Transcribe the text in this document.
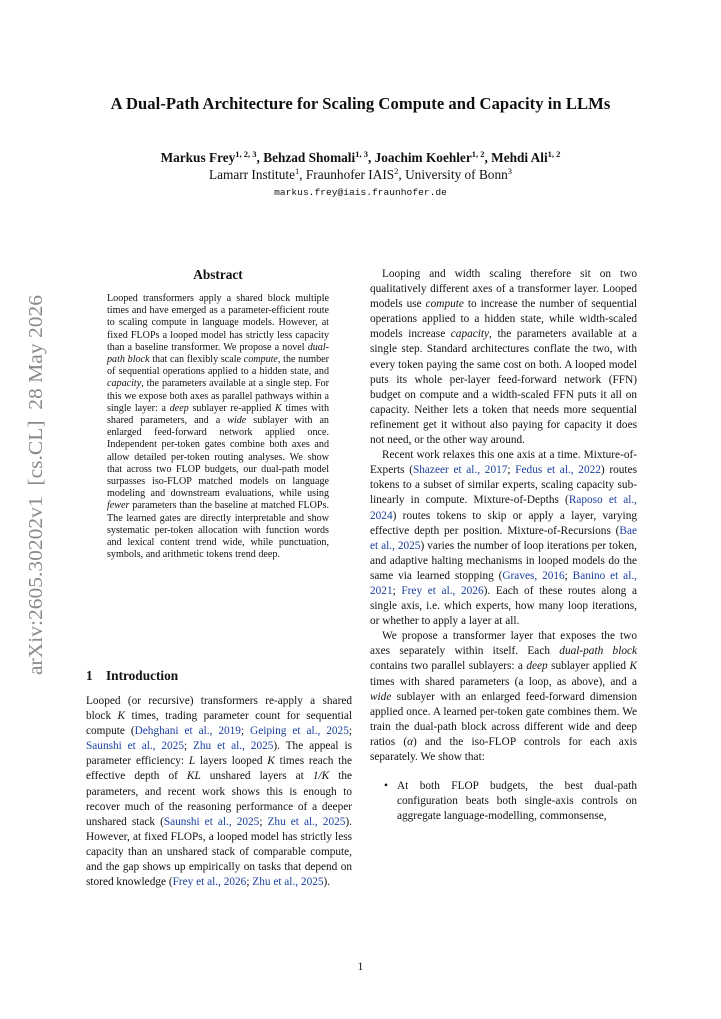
arXiv:2605.30202v1  [cs.CL]  28 May 2026
A Dual-Path Architecture for Scaling Compute and Capacity in LLMs
Markus Frey$^{1, 2, 3}$, Behzad Shomali$^{1, 3}$, Joachim Koehler$^{1, 2}$, Mehdi Ali$^{1, 2}$
Lamarr Institute$^1$, Fraunhofer IAIS$^2$, University of Bonn$^3$
markus.frey@iais.fraunhofer.de
Abstract
Looped transformers apply a shared block multiple times and have emerged as a parameter-efficient route to scaling compute in language models. However, at fixed FLOPs a looped model has strictly less capacity than a baseline transformer. We propose a novel dual-path block that can flexibly scale compute, the number of sequential operations applied to a hidden state, and capacity, the parameters available at a single step. For this we expose both axes as parallel pathways within a single layer: a deep sublayer re-applied K times with shared parameters, and a wide sublayer with an enlarged feed-forward network applied once. Independent per-token gates combine both axes and allow detailed per-token routing analyses. We show that across two FLOP budgets, our dual-path model surpasses iso-FLOP matched models on language modeling and downstream evaluations, while using fewer parameters than the baseline at matched FLOPs. The learned gates are directly interpretable and show systematic per-token allocation with function words and lexical content trend wide, while punctuation, symbols, and arithmetic tokens trend deep.
1 Introduction
Looped (or recursive) transformers re-apply a shared block K times, trading parameter count for sequential compute (Dehghani et al., 2019; Geiping et al., 2025; Saunshi et al., 2025; Zhu et al., 2025). The appeal is parameter efficiency: L layers looped K times reach the effective depth of KL unshared layers at 1/K the parameters, and recent work shows this is enough to recover much of the reasoning performance of a deeper unshared stack (Saunshi et al., 2025; Zhu et al., 2025). However, at fixed FLOPs, a looped model has strictly less capacity than an unshared stack of comparable compute, and the gap shows up empirically on tasks that depend on stored knowledge (Frey et al., 2026; Zhu et al., 2025).

Looping and width scaling therefore sit on two qualitatively different axes of a transformer layer. Looped models use compute to increase the number of sequential operations applied to a hidden state, while width-scaled models increase capacity, the parameters available at a single step. Standard architectures conflate the two, with every token paying the same cost on both. A looped model puts its whole per-layer feed-forward network (FFN) budget on compute and a width-scaled FFN puts it all on capacity. Neither lets a token that needs more sequential refinement get it without also paying for capacity it does not need, or the other way around.

Recent work relaxes this one axis at a time. Mixture-of-Experts (Shazeer et al., 2017; Fedus et al., 2022) routes tokens to a subset of similar experts, scaling capacity sub-linearly in compute. Mixture-of-Depths (Raposo et al., 2024) routes tokens to skip or apply a layer, varying effective depth per position. Mixture-of-Recursions (Bae et al., 2025) varies the number of loop iterations per token, and adaptive halting mechanisms in looped models do the same via learned stopping (Graves, 2016; Banino et al., 2021; Frey et al., 2026). Each of these routes along a single axis, i.e. which experts, how many loop iterations, or whether to apply a layer at all.

We propose a transformer layer that exposes the two axes separately within itself. Each dual-path block contains two parallel sublayers: a deep sublayer applied K times with shared parameters (a loop, as above), and a wide sublayer with an enlarged feed-forward dimension applied once. A learned per-token gate combines them. We train the dual-path block across different wide and deep ratios (α) and the iso-FLOP controls for each axis separately. We show that:

• At both FLOP budgets, the best dual-path configuration beats both single-axis controls on aggregate language-modelling, commonsense,

1
